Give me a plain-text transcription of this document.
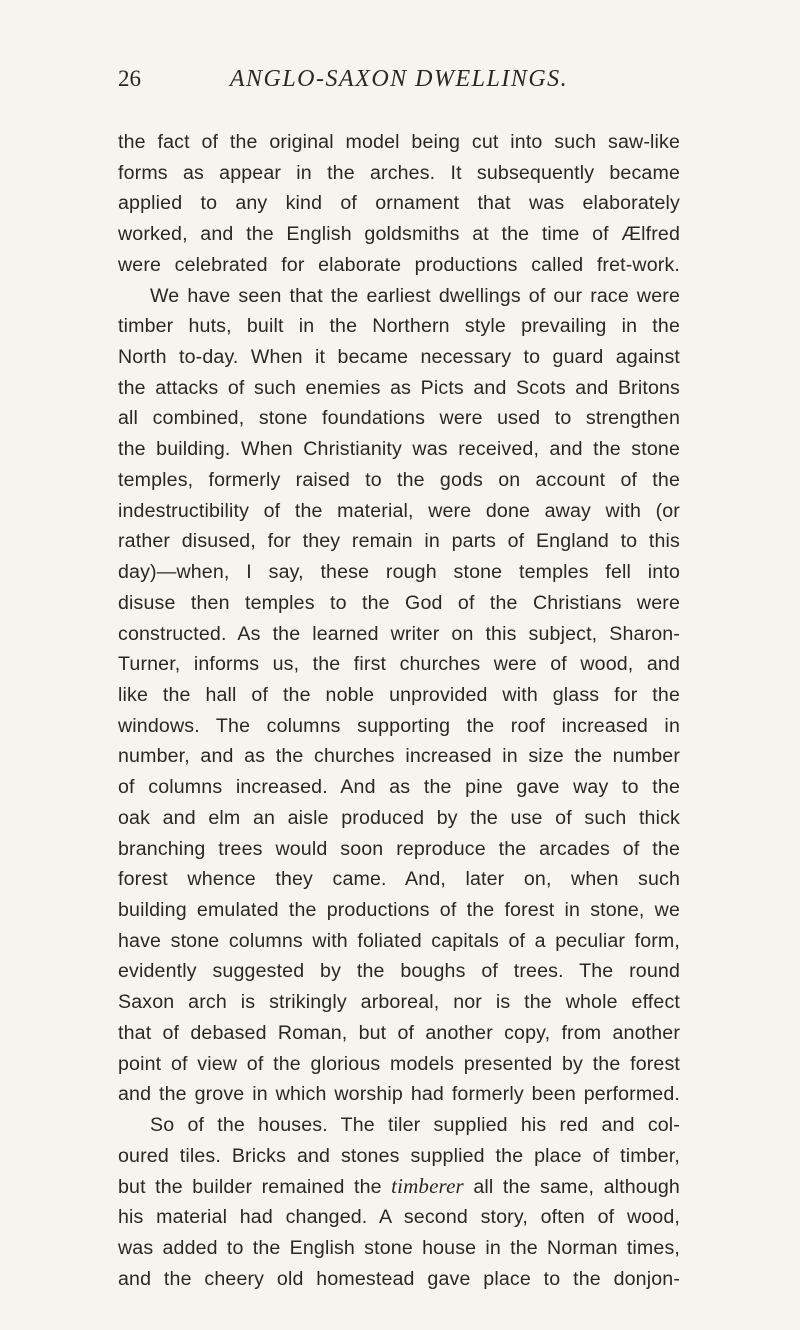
26	ANGLO-SAXON DWELLINGS.
the fact of the original model being cut into such saw-like
forms as appear in the arches. It subsequently became
applied to any kind of ornament that was elaborately
worked, and the English goldsmiths at the time of Ælfred
were celebrated for elaborate productions called fret-work.
We have seen that the earliest dwellings of our race were
timber huts, built in the Northern style prevailing in the
North to-day. When it became necessary to guard against
the attacks of such enemies as Picts and Scots and Britons
all combined, stone foundations were used to strengthen
the building. When Christianity was received, and the stone
temples, formerly raised to the gods on account of the
indestructibility of the material, were done away with (or
rather disused, for they remain in parts of England to this
day)—when, I say, these rough stone temples fell into
disuse then temples to the God of the Christians were
constructed. As the learned writer on this subject, Sharon-
Turner, informs us, the first churches were of wood, and
like the hall of the noble unprovided with glass for the
windows. The columns supporting the roof increased in
number, and as the churches increased in size the number
of columns increased. And as the pine gave way to the
oak and elm an aisle produced by the use of such thick
branching trees would soon reproduce the arcades of the
forest whence they came. And, later on, when such
building emulated the productions of the forest in stone, we
have stone columns with foliated capitals of a peculiar form,
evidently suggested by the boughs of trees. The round
Saxon arch is strikingly arboreal, nor is the whole effect
that of debased Roman, but of another copy, from another
point of view of the glorious models presented by the forest
and the grove in which worship had formerly been performed.
So of the houses. The tiler supplied his red and col-
oured tiles. Bricks and stones supplied the place of timber,
but the builder remained the timberer all the same, although
his material had changed. A second story, often of wood,
was added to the English stone house in the Norman times,
and the cheery old homestead gave place to the donjon-
